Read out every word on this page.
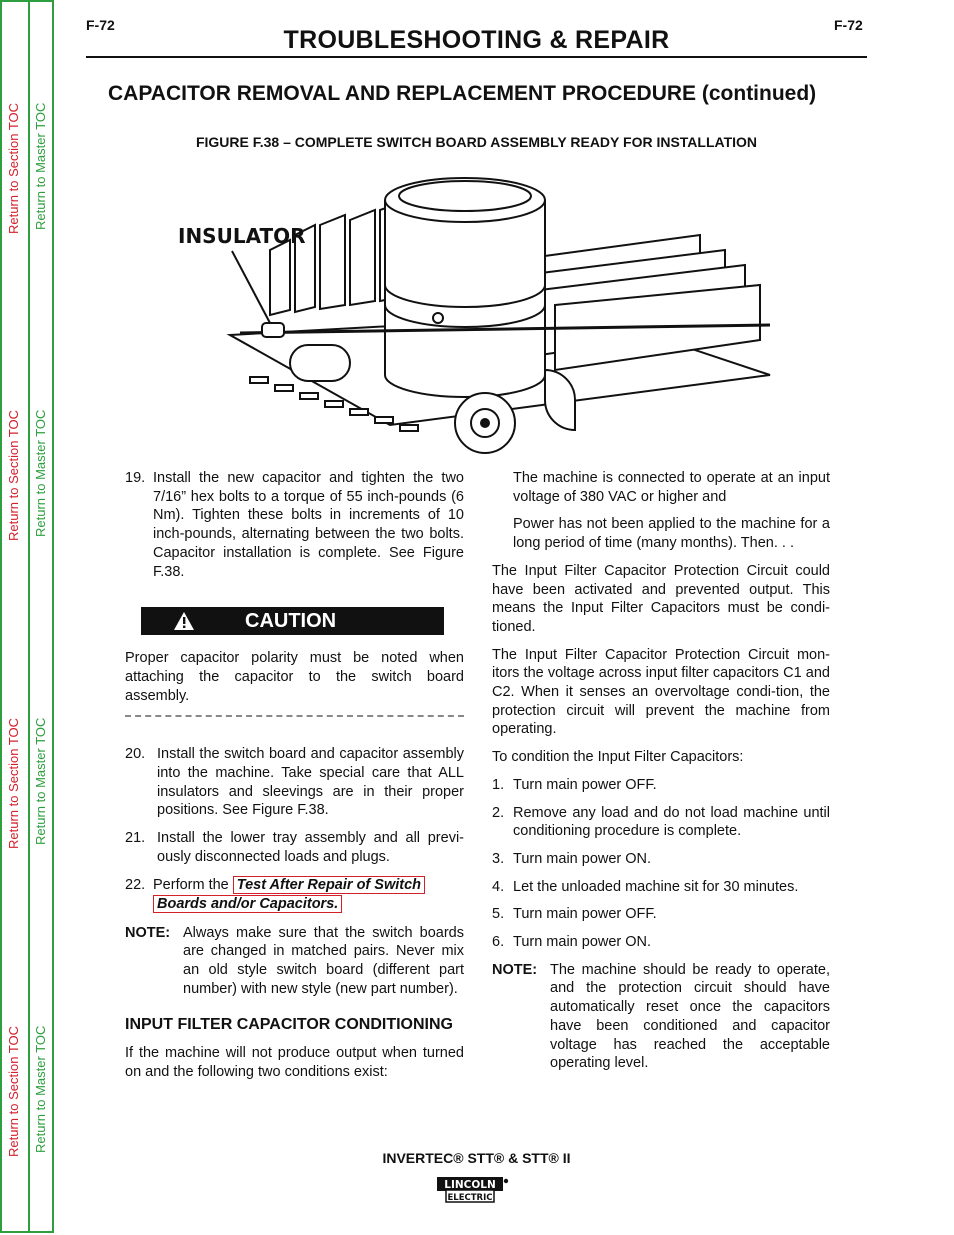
Return to Section TOC Return to Master TOC
Return to Section TOC Return to Master TOC
Return to Section TOC Return to Master TOC
Return to Section TOC Return to Master TOC
F-72	F-72
TROUBLESHOOTING & REPAIR
CAPACITOR REMOVAL AND REPLACEMENT PROCEDURE (continued)
FIGURE F.38 – COMPLETE SWITCH BOARD ASSEMBLY READY FOR INSTALLATION
INSULATOR
19. Install the new capacitor and tighten the two 7/16” hex bolts to a torque of 55 inch-pounds (6 Nm). Tighten these bolts in increments of 10 inch-pounds, alternating between the two bolts. Capacitor installation is complete. See Figure F.38.
CAUTION

Proper capacitor polarity must be noted when attaching the capacitor to the switch board assembly.

20. Install the switch board and capacitor assembly into the machine. Take special care that ALL insulators and sleevings are in their proper positions. See Figure F.38.
21. Install the lower tray assembly and all previ-ously disconnected loads and plugs.
22. Perform the Test After Repair of Switch
Boards and/or Capacitors.
NOTE: Always make sure that the switch boards are changed in matched pairs. Never mix an old style switch board (different part number) with new style (new part number).
INPUT FILTER CAPACITOR CONDITIONING

If the machine will not produce output when turned on and the following two conditions exist:

The machine is connected to operate at an input voltage of 380 VAC or higher and

Power has not been applied to the machine for a long period of time (many months). Then. . .

The Input Filter Capacitor Protection Circuit could have been activated and prevented output. This means the Input Filter Capacitors must be condi-tioned.

The Input Filter Capacitor Protection Circuit mon-itors the voltage across input filter capacitors C1 and C2. When it senses an overvoltage condi-tion, the protection circuit will prevent the machine from operating.

To condition the Input Filter Capacitors:

1. Turn main power OFF.
2. Remove any load and do not load machine until conditioning procedure is complete.
3. Turn main power ON.
4. Let the unloaded machine sit for 30 minutes.
5. Turn main power OFF.
6. Turn main power ON.
NOTE: The machine should be ready to operate, and the protection circuit should have automatically reset once the capacitors have been conditioned and capacitor voltage has reached the acceptable operating level.
INVERTEC® STT® & STT® II
LINCOLN
ELECTRIC
